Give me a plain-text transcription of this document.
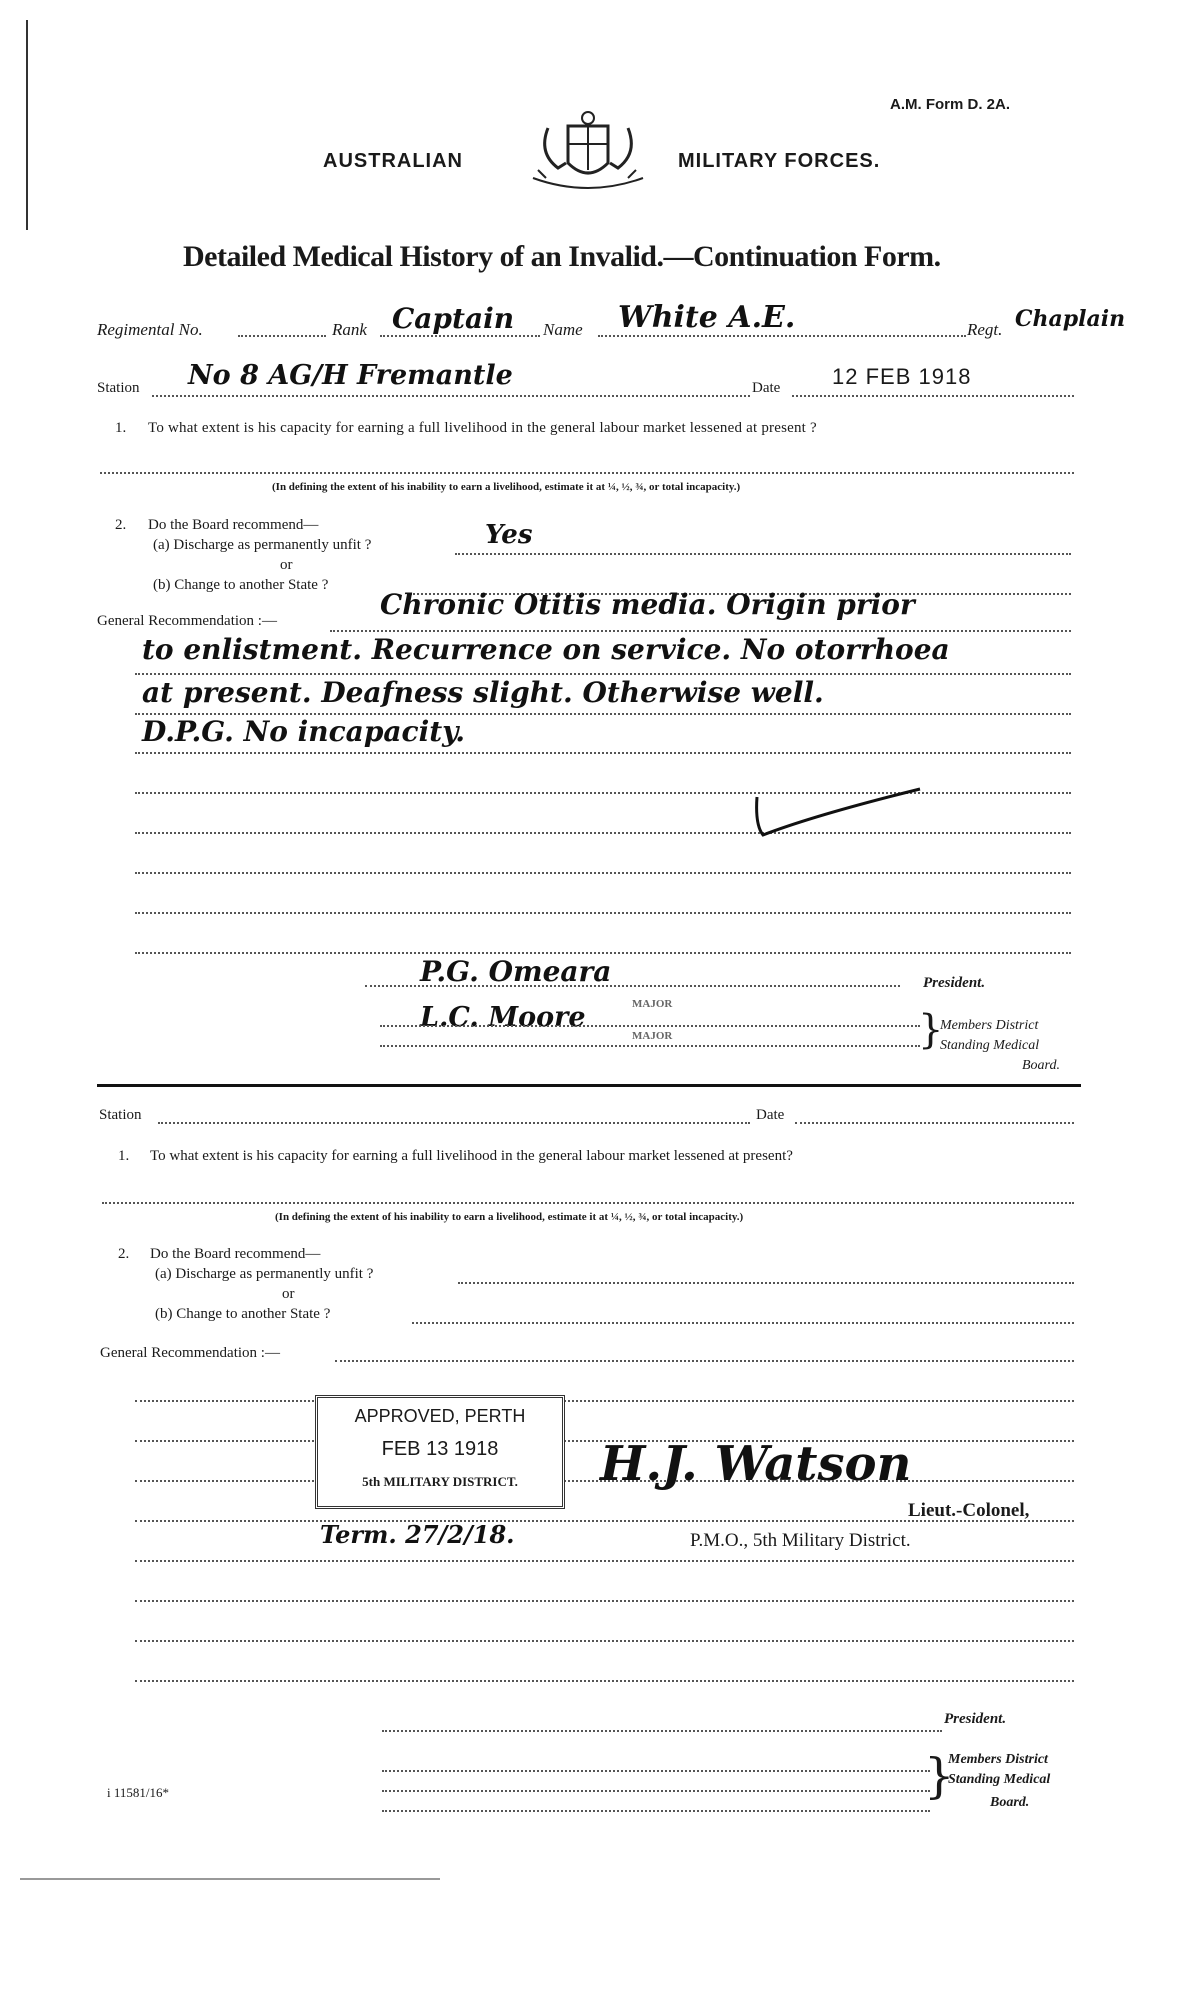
A.M. Form D. 2A.
AUSTRALIAN	MILITARY FORCES.
Detailed Medical History of an Invalid.—Continuation Form.
Regimental No.	Rank Captain Name White A.E.	Regt. Chaplain
Station No 8 AG/H Fremantle	Date 12 FEB 1918
1. To what extent is his capacity for earning a full livelihood in the general labour market lessened at present ?
(In defining the extent of his inability to earn a livelihood, estimate it at ¼, ½, ¾, or total incapacity.)
2. Do the Board recommend—
(a) Discharge as permanently unfit ?	Yes
or
(b) Change to another State ?
General Recommendation :—	Chronic Otitis media. Origin prior
to enlistment. Recurrence on service. No otorrhoea
at present. Deafness slight. Otherwise well.
D.P.G. No incapacity.
P.G. Omeara	President.
L.C. Moore	MAJOR
MAJOR	}
Members District
Standing Medical
Board.
Station	Date
1. To what extent is his capacity for earning a full livelihood in the general labour market lessened at present?
(In defining the extent of his inability to earn a livelihood, estimate it at ¼, ½, ¾, or total incapacity.)
2. Do the Board recommend—
(a) Discharge as permanently unfit ?
or
(b) Change to another State ?
General Recommendation :—
APPROVED, PERTH
FEB 13 1918
5th MILITARY DISTRICT.	H.J. Watson
Lieut.-Colonel,
P.M.O., 5th Military District.
Term. 27/2/18.
President.
}
Members District
Standing Medical
Board.
i 11581/16*
